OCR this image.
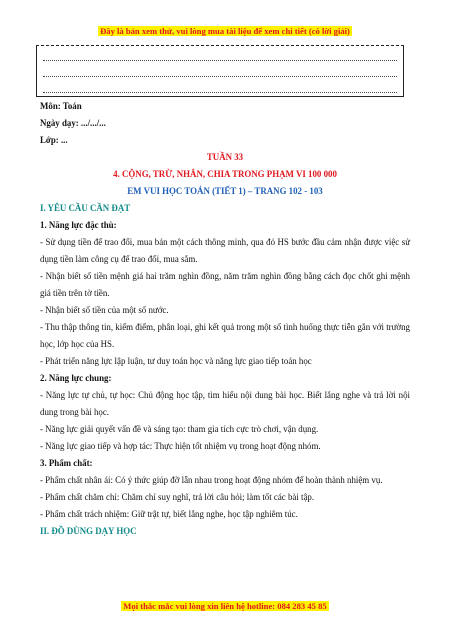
Đây là bản xem thử, vui lòng mua tài liệu để xem chi tiết (có lời giải)

Môn: Toán

Ngày dạy: .../.../...

Lớp: ...

TUẦN 33

4. CỘNG, TRỪ, NHÂN, CHIA TRONG PHẠM VI 100 000

EM VUI HỌC TOÁN (TIẾT 1) – TRANG 102 - 103

I. YÊU CẦU CẦN ĐẠT

1. Năng lực đặc thù:

- Sử dụng tiền để trao đổi, mua bán một cách thông minh, qua đó HS bước đầu cảm nhận được việc sử dụng tiền làm công cụ để trao đổi, mua sắm.

- Nhận biết số tiền mệnh giá hai trăm nghìn đồng, năm trăm nghìn đồng bằng cách đọc chốt ghi mệnh giá tiền trên tờ tiền.

- Nhận biết số tiền của một số nước.

- Thu thập thông tin, kiểm điểm, phân loại, ghi kết quả trong một số tình huống thực tiễn gắn với trường học, lớp học của HS.

- Phát triển năng lực lập luận, tư duy toán học và năng lực giao tiếp toán học

2. Năng lực chung:

- Năng lực tự chủ, tự học: Chủ động học tập, tìm hiểu nội dung bài học. Biết lắng nghe và trả lời nội dung trong bài học.

- Năng lực giải quyết vấn đề và sáng tạo: tham gia tích cực trò chơi, vận dụng.

- Năng lực giao tiếp và hợp tác: Thực hiện tốt nhiệm vụ trong hoạt động nhóm.

3. Phẩm chất:

- Phẩm chất nhân ái: Có ý thức giúp đỡ lẫn nhau trong hoạt động nhóm để hoàn thành nhiệm vụ.

- Phẩm chất chăm chỉ: Chăm chỉ suy nghĩ, trả lời câu hỏi; làm tốt các bài tập.

- Phẩm chất trách nhiệm: Giữ trật tự, biết lắng nghe, học tập nghiêm túc.

II. ĐỒ DÙNG DẠY HỌC

Mọi thắc mắc vui lòng xin liên hệ hotline: 084 283 45 85
